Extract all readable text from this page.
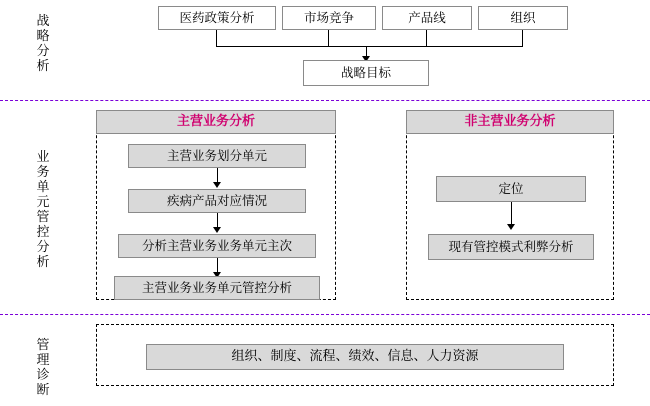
战
略
分
析
业
务
单
元
管
控
分
析
管
理
诊
断
医药政策分析	市场竞争	产品线	组织
战略目标
主营业务分析
主营业务划分单元
疾病产品对应情况
分析主营业务业务单元主次
主营业务业务单元管控分析
非主营业务分析
定位
现有管控模式利弊分析
组织、制度、流程、绩效、信息、人力资源
